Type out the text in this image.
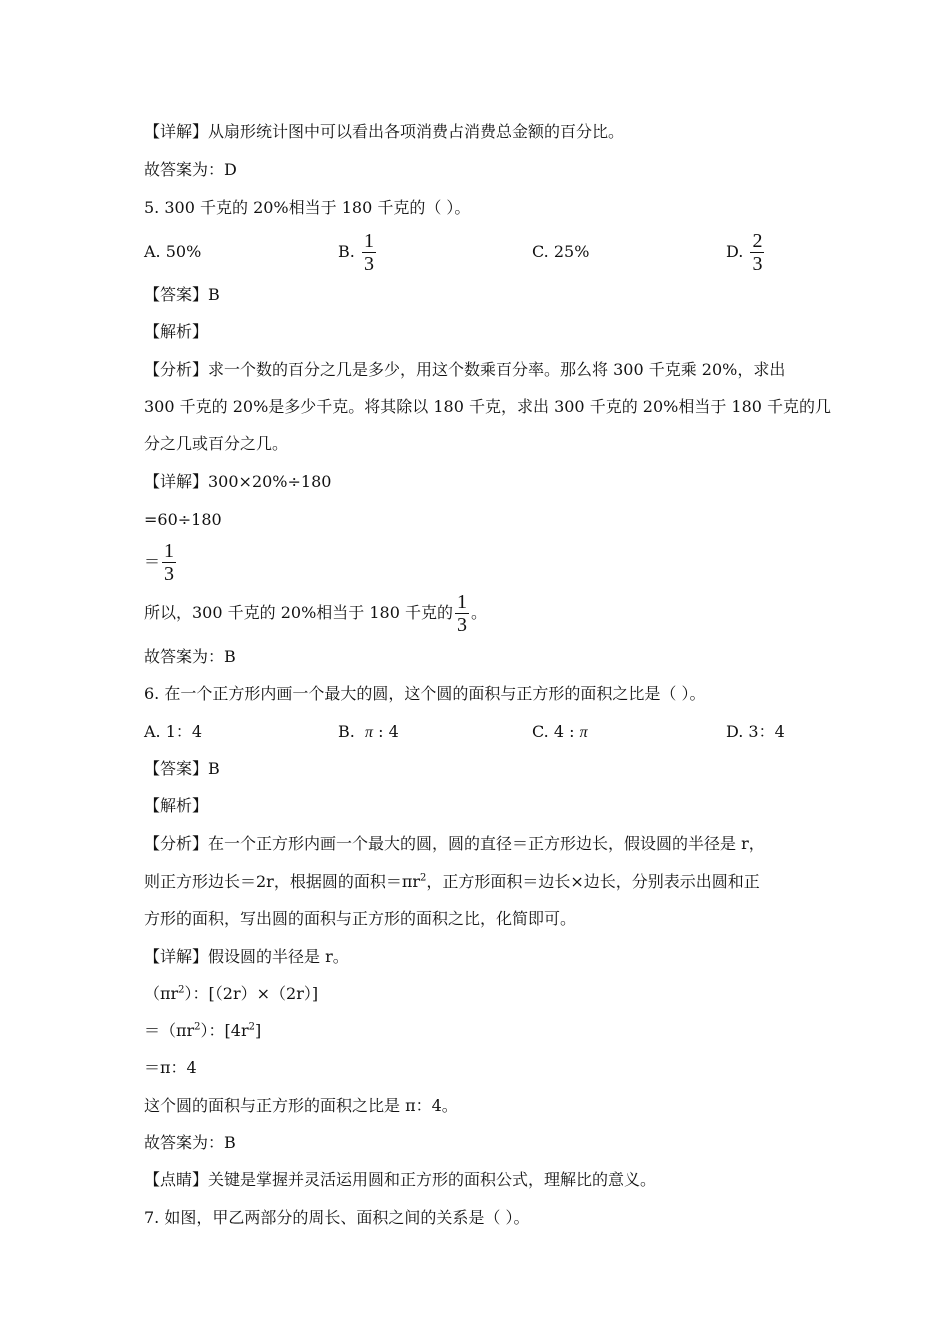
【详解】从扇形统计图中可以看出各项消费占消费总金额的百分比。
故答案为：D
5. 300 千克的 20%相当于 180 千克的（ ）。
A. 50%	B. $\frac{1}{3}$	C. 25%	D. $\frac{2}{3}$
【答案】B
【解析】
【分析】求一个数的百分之几是多少，用这个数乘百分率。那么将 300 千克乘 20%，求出
300 千克的 20%是多少千克。将其除以 180 千克，求出 300 千克的 20%相当于 180 千克的几
分之几或百分之几。
【详解】300×20%÷180
=60÷180
＝ $\frac{1}{3}$
所以，300 千克的 20%相当于 180 千克的 $\frac{1}{3}$ 。
故答案为：B
6. 在一个正方形内画一个最大的圆，这个圆的面积与正方形的面积之比是（ ）。
A. 1：4	B. π : 4	C. 4 : π	D. 3：4
【答案】B
【解析】
【分析】在一个正方形内画一个最大的圆，圆的直径＝正方形边长，假设圆的半径是 r，
则正方形边长＝2r，根据圆的面积$=\pi r^2$，正方形面积＝边长×边长，分别表示出圆和正
方形的面积，写出圆的面积与正方形的面积之比，化简即可。
【详解】假设圆的半径是 r。
$(\pi r^2)$：[（2r）×（2r）]
$=(\pi r^2)$：$[4r^2]$
＝π：4
这个圆的面积与正方形的面积之比是 π：4。
故答案为：B
【点睛】关键是掌握并灵活运用圆和正方形的面积公式，理解比的意义。
7. 如图，甲乙两部分的周长、面积之间的关系是（ ）。
